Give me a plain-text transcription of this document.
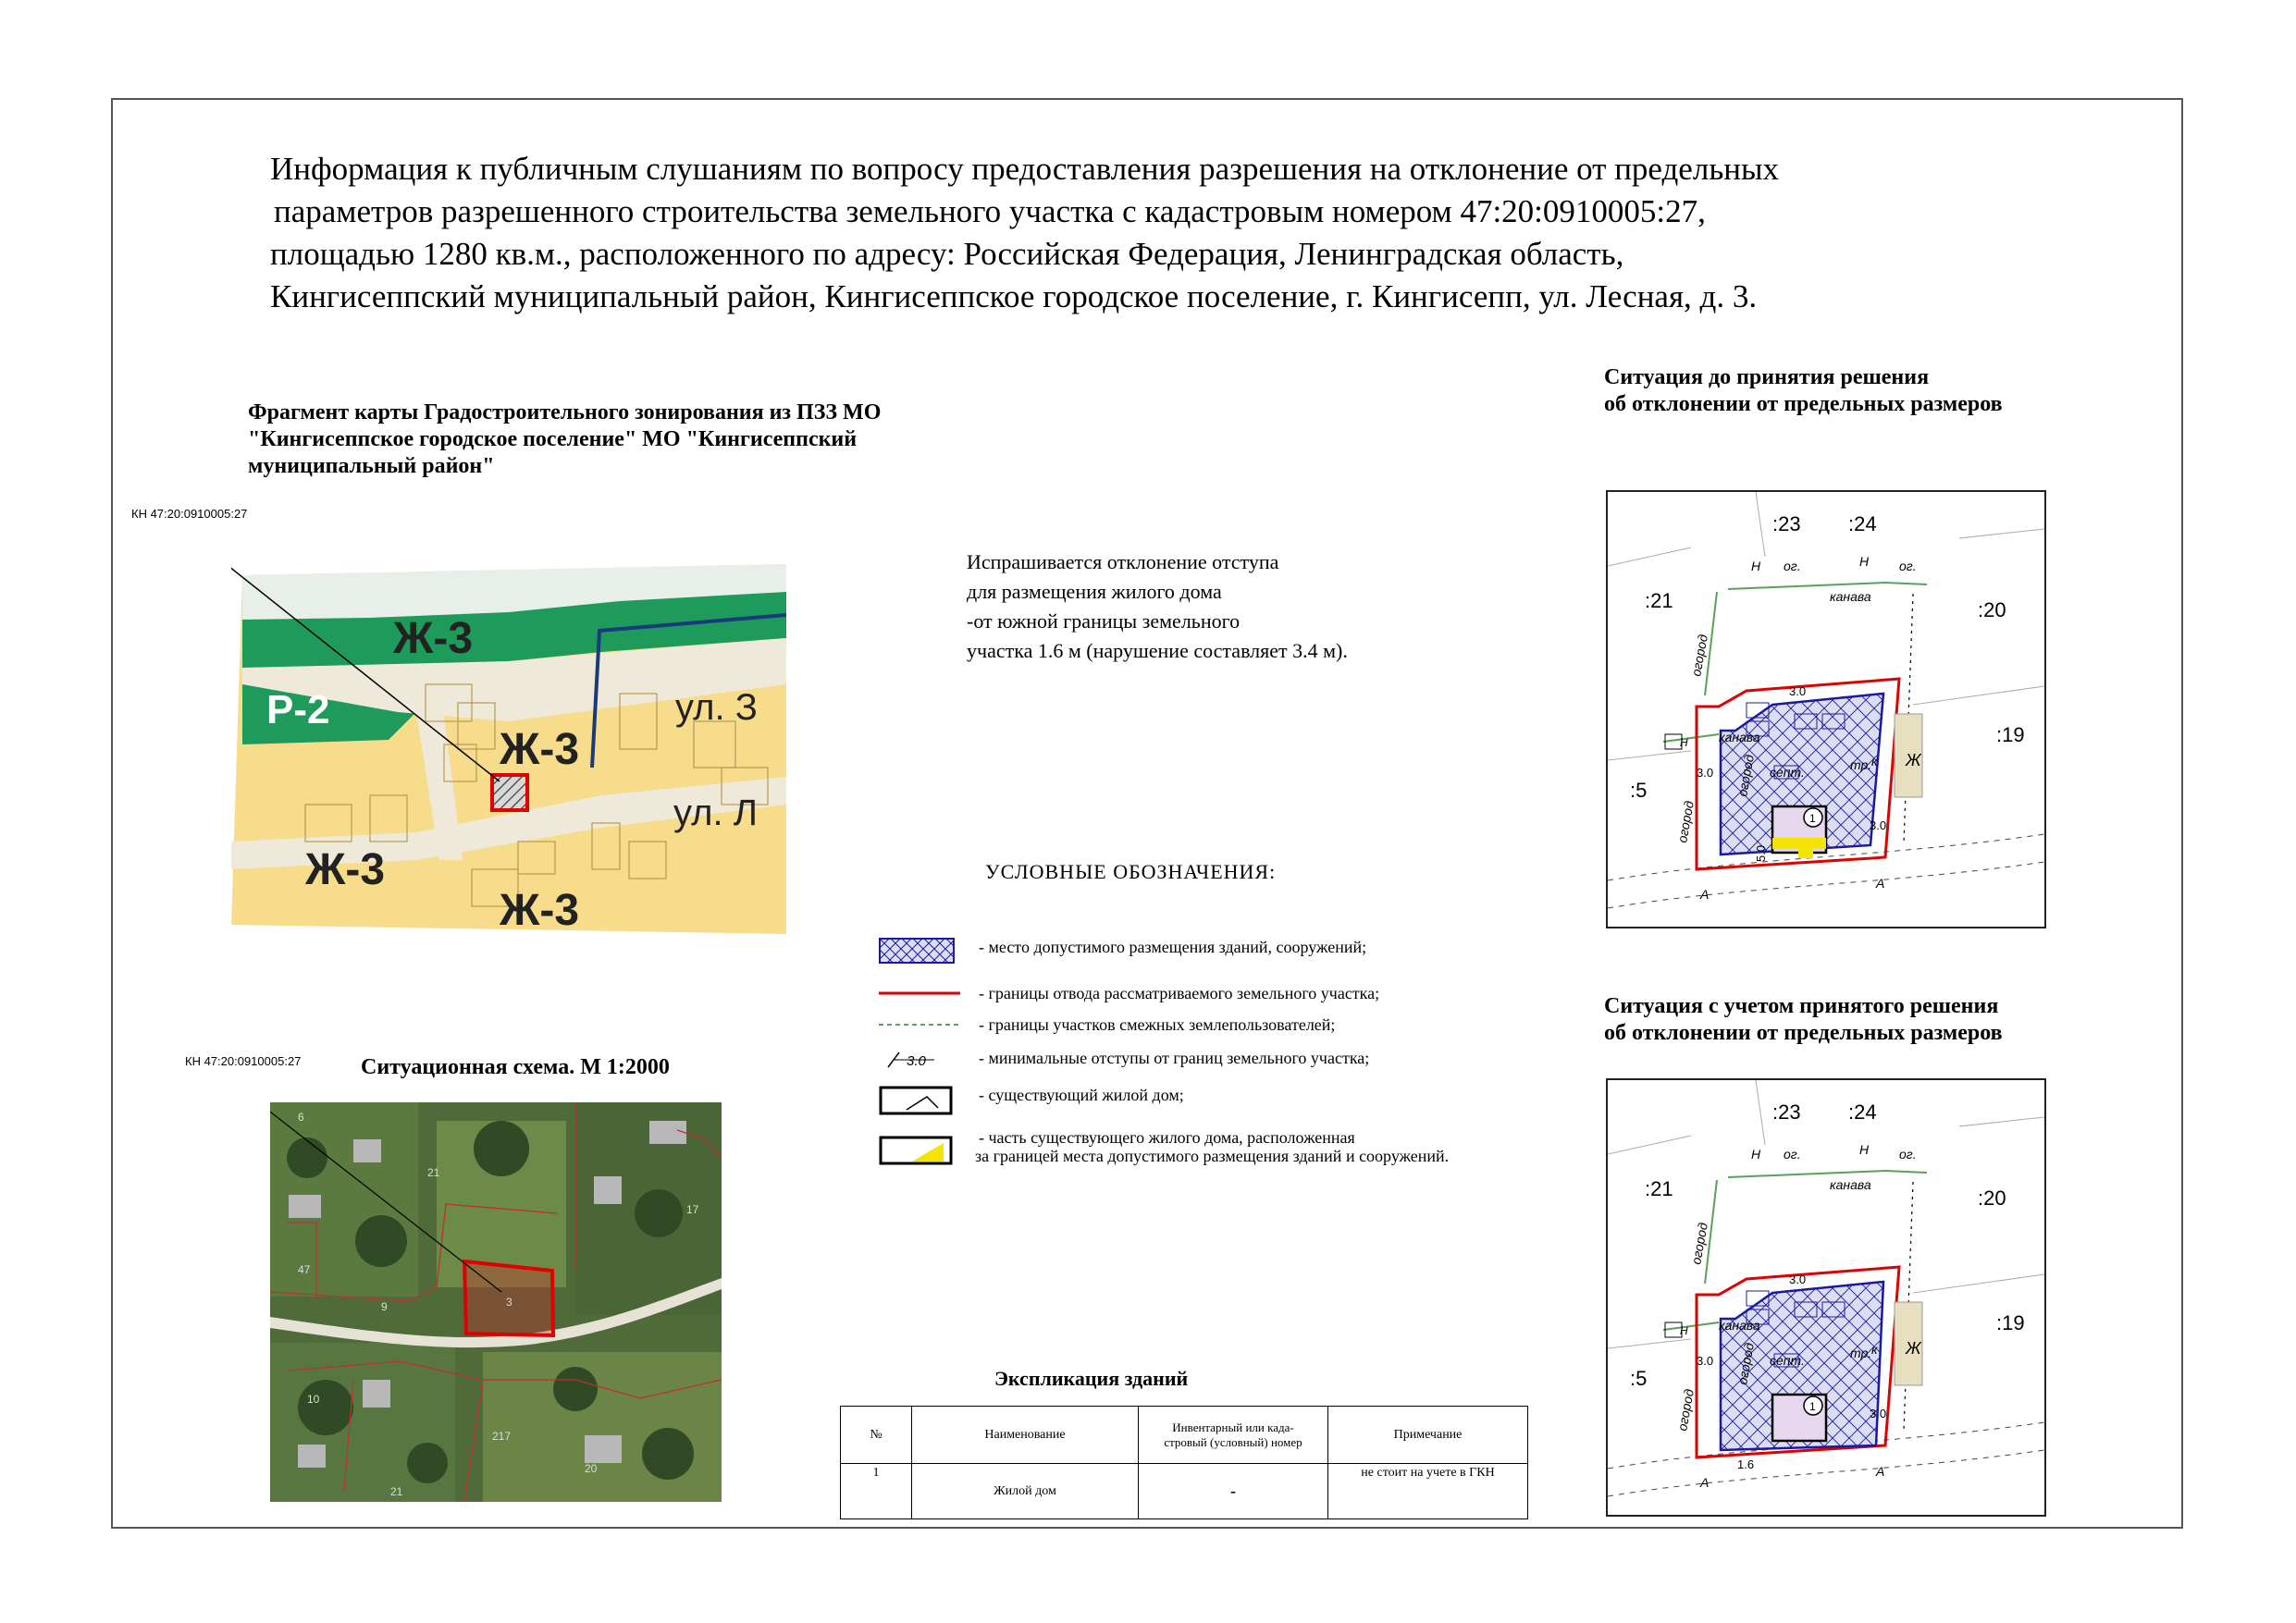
Информация к публичным слушаниям по вопросу предоставления разрешения на отклонение от предельных
параметров разрешенного строительства земельного участка с кадастровым номером 47:20:0910005:27,
площадью 1280 кв.м., расположенного по адресу: Российская Федерация, Ленинградская область,
Кингисеппский муниципальный район, Кингисеппское городское поселение, г. Кингисепп, ул. Лесная, д. 3.
Фрагмент карты Градостроительного зонирования из ПЗЗ МО
"Кингисеппское городское поселение" МО "Кингисеппский
муниципальный район"
КН 47:20:0910005:27
Ж-3
Р-2
Ж-3
ул. З
ул. Л
Ж-3
Ж-3
КН 47:20:0910005:27	Ситуационная схема. М 1:2000
6
21
47
9
10
217
20
21
17
3
Испрашивается отклонение отступа
для размещения жилого дома
-от южной границы земельного
участка 1.6 м (нарушение составляет 3.4 м).
УСЛОВНЫЕ ОБОЗНАЧЕНИЯ:
- место допустимого размещения зданий, сооружений;
- границы отвода рассматриваемого земельного участка;
- границы участков смежных землепользователей;
3.0	- минимальные отступы от границ земельного участка;
- существующий жилой дом;
- часть существующего жилого дома, расположенная
за границей места допустимого размещения зданий и сооружений.
Экспликация зданий
№	Наименование	Инвентарный или када-
стровый (условный) номер	Примечание
1	Жилой дом	-	не стоит на учете в ГКН
Ситуация до принятия решения
об отклонении от предельных размеров
Ситуация с учетом принятого решения
об отклонении от предельных размеров
:23 :24
:21	:20
:19
:5
Н ог.	Н ог.
канава
канава
Н
септ.	тр. к Ж
А
А
огород
огород
огород
3.0
3.0
3.0
5.0
1
:23 :24
:21	:20
:19
:5
Н ог.	Н ог.
канава
канава
Н
септ.	тр. к Ж
А
А
огород
огород
огород
3.0
3.0
3.0
1.6
1
